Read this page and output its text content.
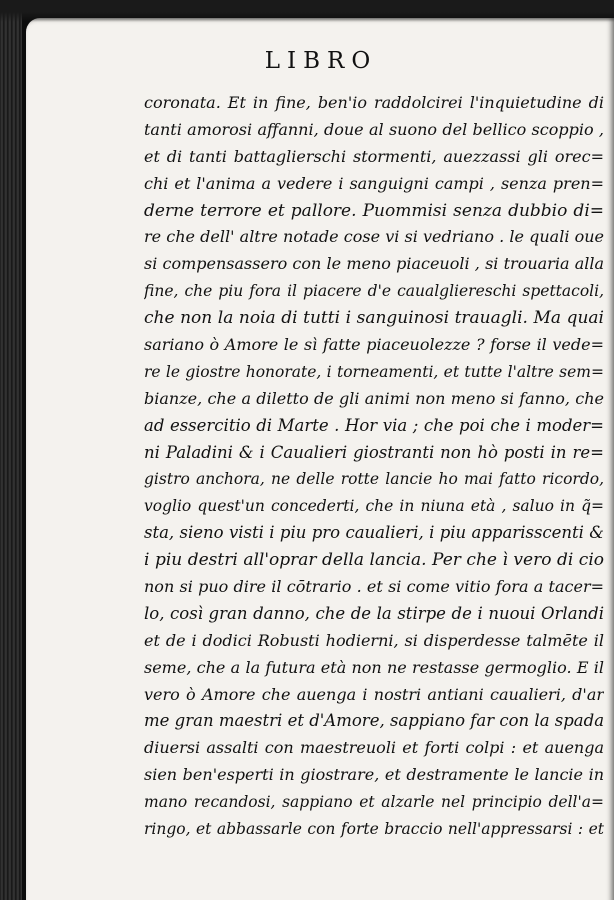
LIBRO
coronata. Et in fine, ben'io raddolcirei l'inquietudine di
tanti amorosi affanni, doue al suono del bellico scoppio ,
et di tanti battaglierschi stormenti, auezzassi gli orec=
chi et l'anima a vedere i sanguigni campi , senza pren=
derne terrore et pallore. Puommisi senza dubbio di=
re che dell' altre notade cose vi si vedriano . le quali oue
si compensassero con le meno piaceuoli , si trouaria alla
fine, che piu fora il piacere d'e caualgliereschi spettacoli,
che non la noia di tutti i sanguinosi trauagli. Ma quai
sariano ò Amore le sì fatte piaceuolezze ? forse il vede=
re le giostre honorate, i torneamenti, et tutte l'altre sem=
bianze, che a diletto de gli animi non meno si fanno, che
ad essercitio di Marte . Hor via ; che poi che i moder=
ni Paladini & i Caualieri giostranti non hò posti in re=
gistro anchora, ne delle rotte lancie ho mai fatto ricordo,
voglio quest'un concederti, che in niuna età , saluo in q̃=
sta, sieno visti i piu pro caualieri, i piu apparisscenti &
i piu destri all'oprar della lancia. Per che ì vero di cio
non si puo dire il cōtrario . et si come vitio fora a tacer=
lo, così gran danno, che de la stirpe de i nuoui Orlandi
et de i dodici Robusti hodierni, si disperdesse talmēte il
seme, che a la futura età non ne restasse germoglio. E il
vero ò Amore che auenga i nostri antiani caualieri, d'ar
me gran maestri et d'Amore, sappiano far con la spada
diuersi assalti con maestreuoli et forti colpi : et auenga
sien ben'esperti in giostrare, et destramente le lancie in
mano recandosi, sappiano et alzarle nel principio dell'a=
ringo, et abbassarle con forte braccio nell'appressarsi : et
